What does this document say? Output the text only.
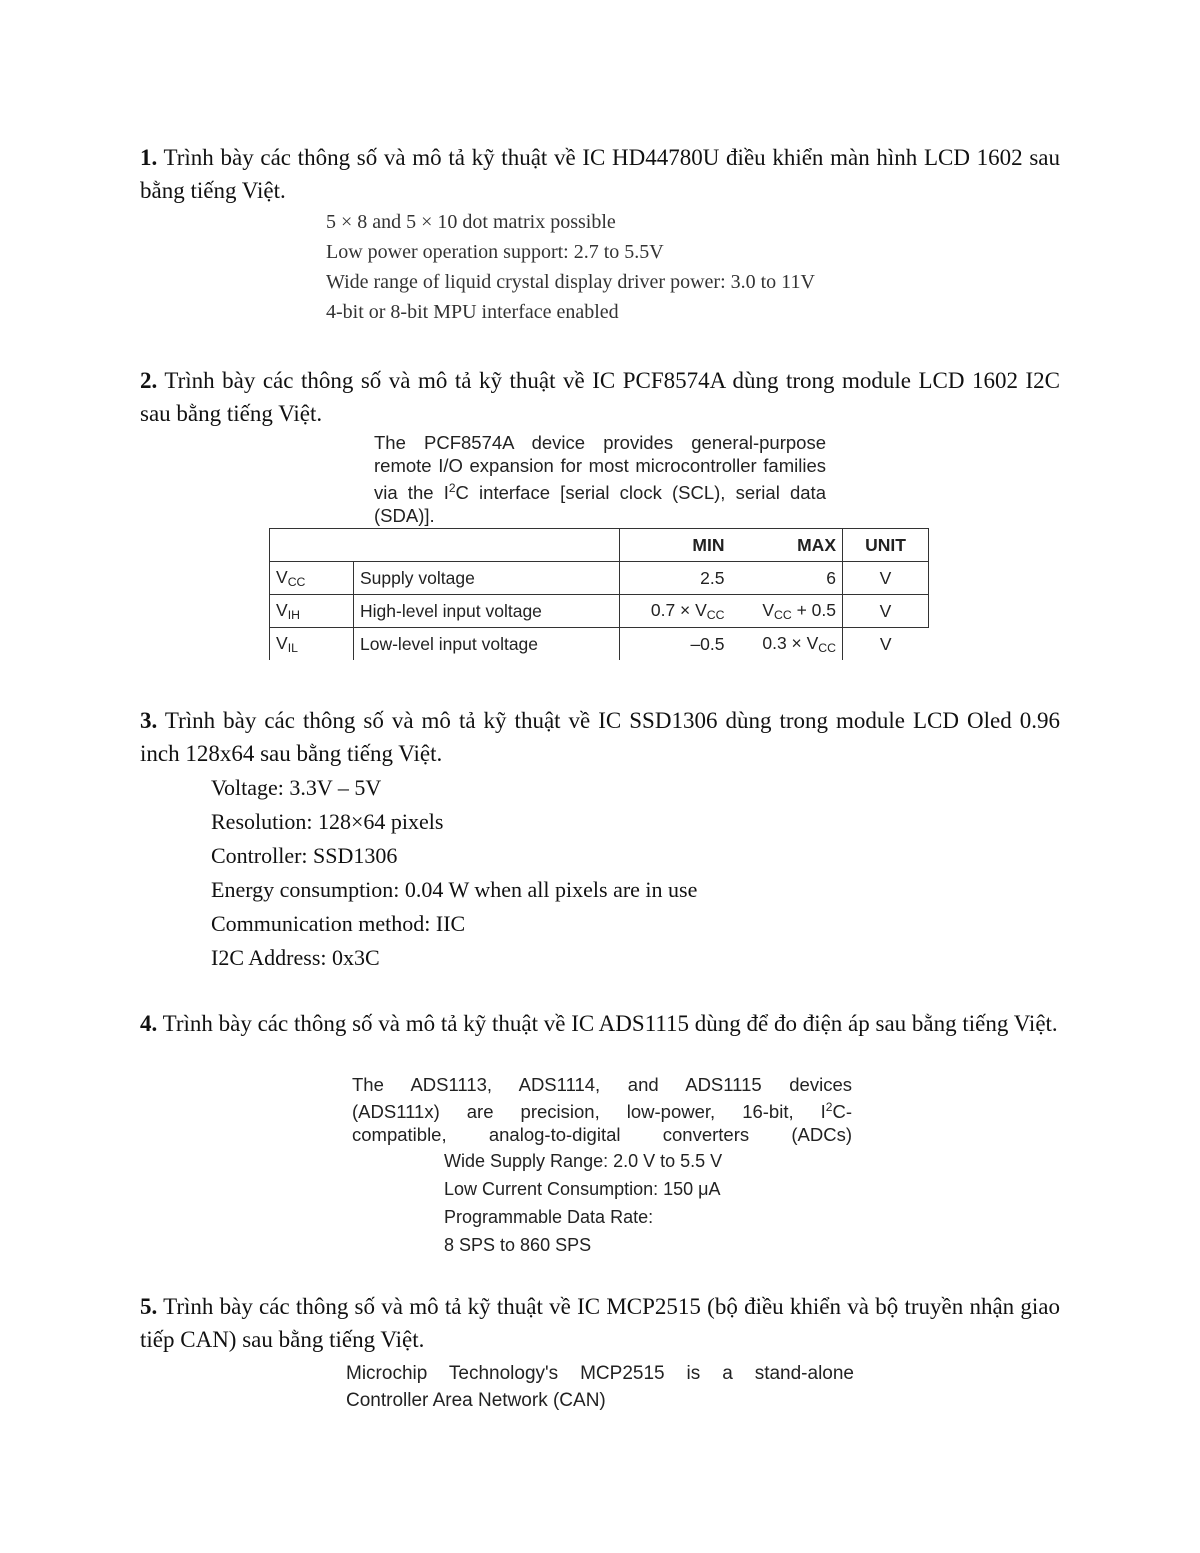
1. Trình bày các thông số và mô tả kỹ thuật về IC HD44780U điều khiển màn hình LCD 1602 sau bằng tiếng Việt.
5 × 8 and 5 × 10 dot matrix possible
Low power operation support: 2.7 to 5.5V
Wide range of liquid crystal display driver power: 3.0 to 11V
4-bit or 8-bit MPU interface enabled
2. Trình bày các thông số và mô tả kỹ thuật về IC PCF8574A dùng trong module LCD 1602 I2C sau bằng tiếng Việt.
The PCF8574A device provides general-purpose
remote I/O expansion for most microcontroller families
via the $I^2C$ interface [serial clock (SCL), serial data
(SDA)].
		MIN	MAX	UNIT
$V_{CC}$	Supply voltage	2.5	6	V
$V_{IH}$	High-level input voltage	$0.7 \times V_{CC}$	$V_{CC} + 0.5$	V
$V_{IL}$	Low-level input voltage	–0.5	$0.3 \times V_{CC}$	V
3. Trình bày các thông số và mô tả kỹ thuật về IC SSD1306 dùng trong module LCD Oled 0.96 inch 128x64 sau bằng tiếng Việt.
Voltage: 3.3V – 5V
Resolution: 128×64 pixels
Controller: SSD1306
Energy consumption: 0.04 W when all pixels are in use
Communication method: IIC
I2C Address: 0x3C
4. Trình bày các thông số và mô tả kỹ thuật về IC ADS1115 dùng để đo điện áp sau bằng tiếng Việt.
The ADS1113, ADS1114, and ADS1115 devices
(ADS111x) are precision, low-power, 16-bit, $I^2C-$
compatible, analog-to-digital converters (ADCs)
Wide Supply Range: 2.0 V to 5.5 V
Low Current Consumption: 150 μA
Programmable Data Rate:
8 SPS to 860 SPS
5. Trình bày các thông số và mô tả kỹ thuật về IC MCP2515 (bộ điều khiển và bộ truyền nhận giao tiếp CAN) sau bằng tiếng Việt.
Microchip Technology's MCP2515 is a stand-alone
Controller Area Network (CAN)
